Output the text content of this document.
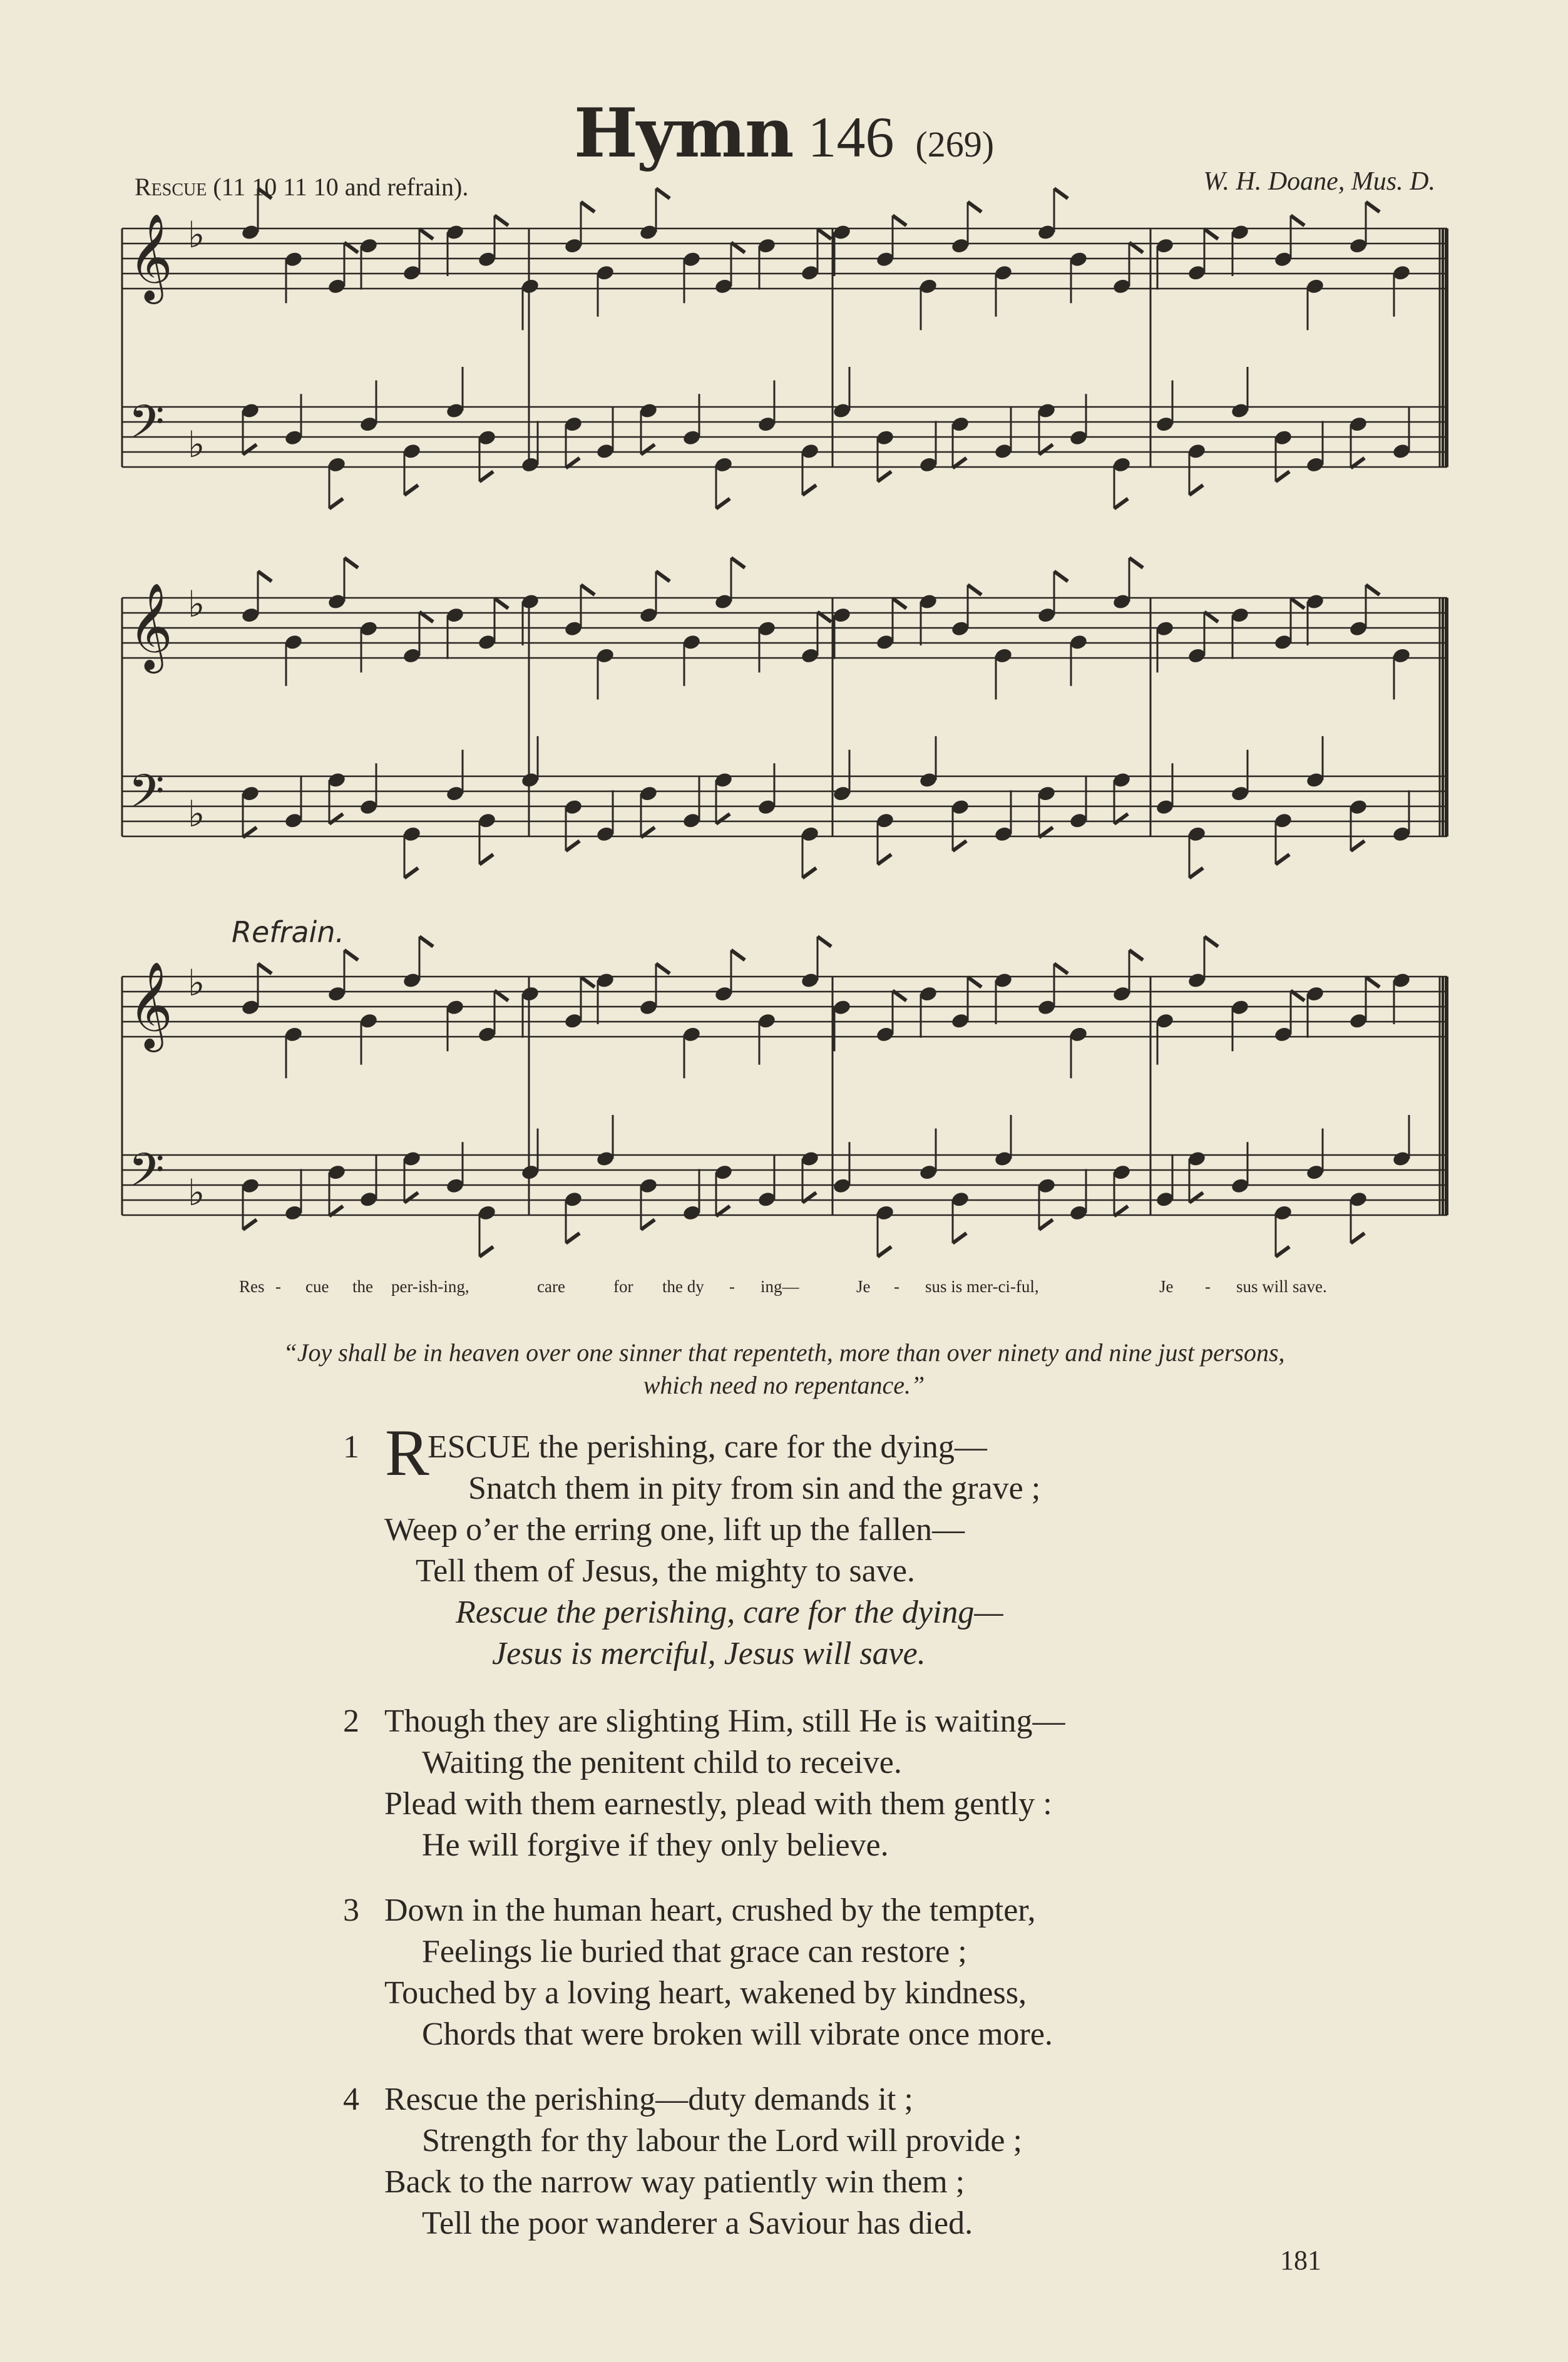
Hymn 146 (269)
Rescue (11 10 11 10 and refrain).	W. H. Doane, Mus. D.
𝄞 ♭
𝄢 ♭
𝄞 ♭
𝄢 ♭
𝄞 ♭
𝄢 ♭
Refrain.
Res - cue the per-ish-ing,	care	for the dy - ing—	Je - sus is mer-ci-ful,	Je - sus will save.
“Joy shall be in heaven over one sinner that repenteth, more than over ninety and nine just persons,
which need no repentance.”
1 R
ESCUE the perishing, care for the dying—
Snatch them in pity from sin and the grave ;
Weep o’er the erring one, lift up the fallen—
Tell them of Jesus, the mighty to save.
Rescue the perishing, care for the dying—
Jesus is merciful, Jesus will save.
2 Though they are slighting Him, still He is waiting—
Waiting the penitent child to receive.
Plead with them earnestly, plead with them gently :
He will forgive if they only believe.
3 Down in the human heart, crushed by the tempter,
Feelings lie buried that grace can restore ;
Touched by a loving heart, wakened by kindness,
Chords that were broken will vibrate once more.
4 Rescue the perishing—duty demands it ;
Strength for thy labour the Lord will provide ;
Back to the narrow way patiently win them ;
Tell the poor wanderer a Saviour has died.
181
